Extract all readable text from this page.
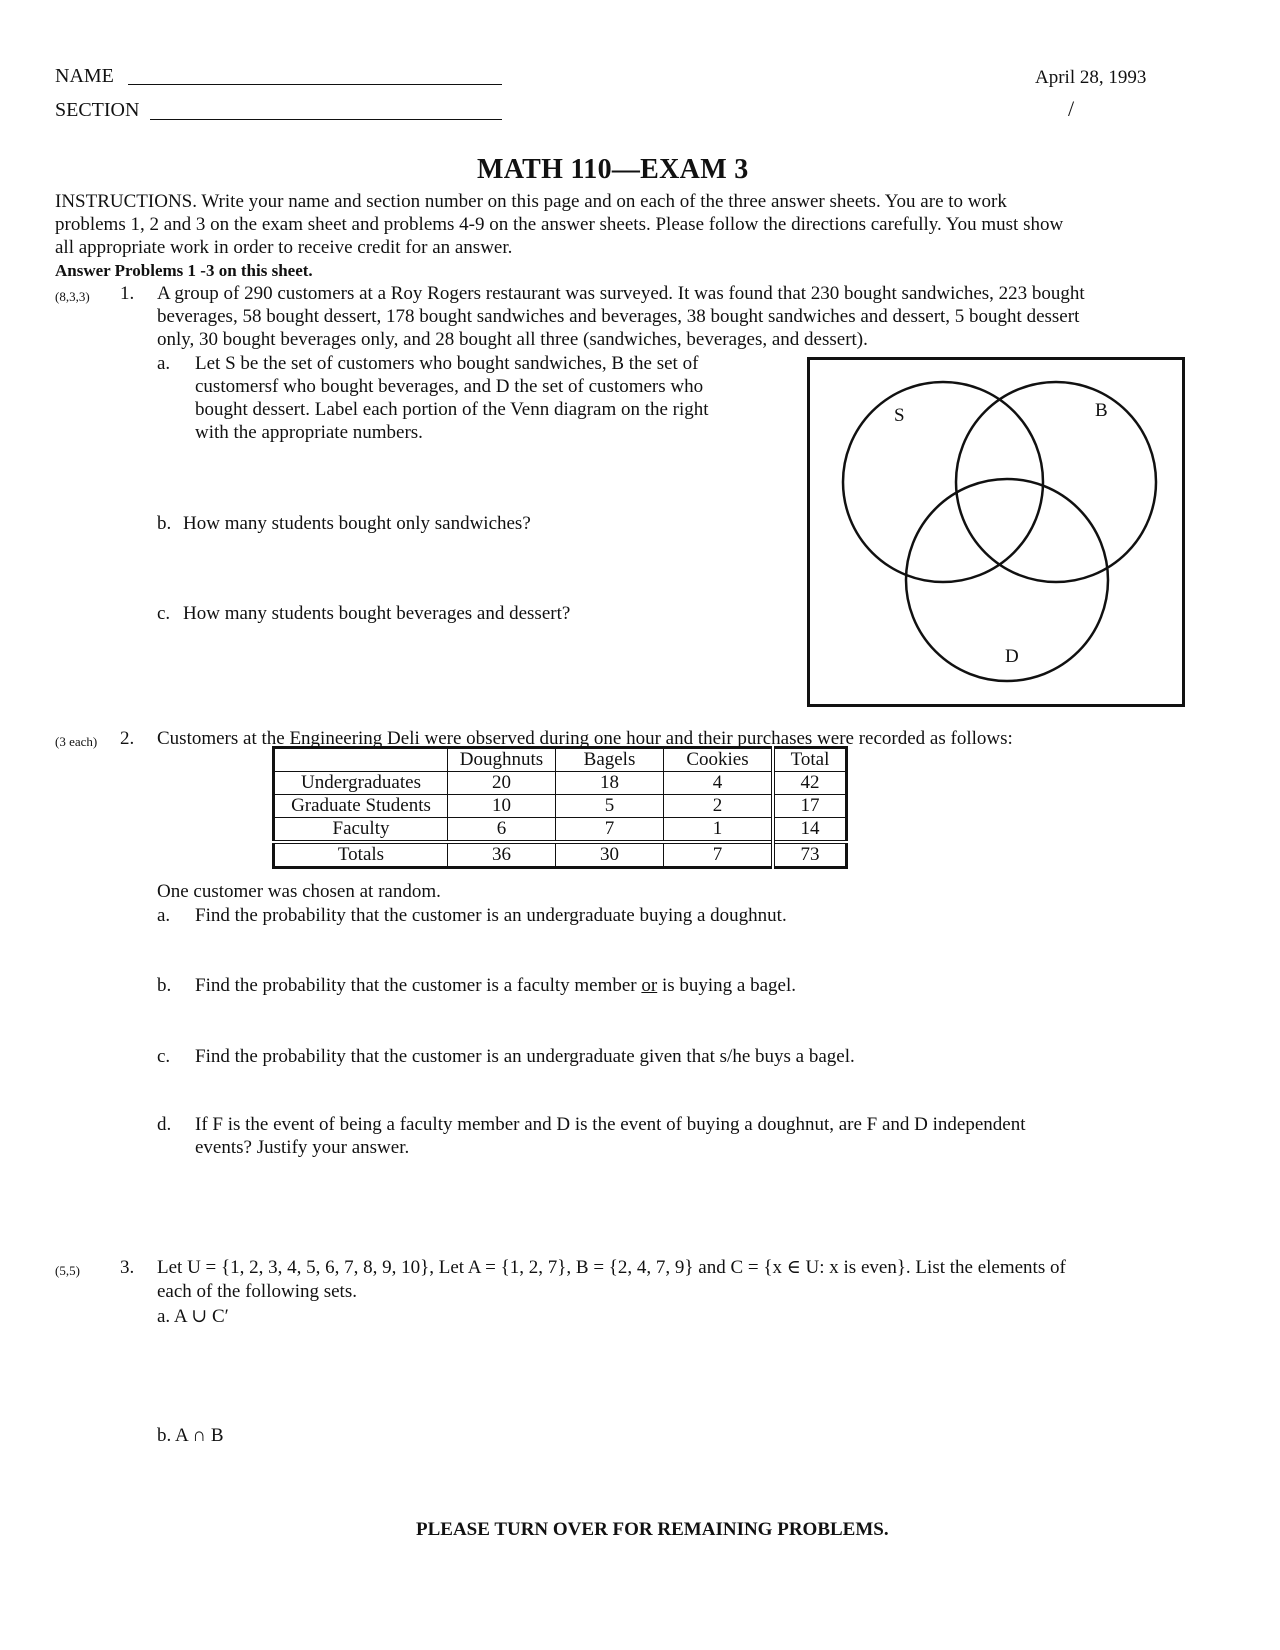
NAME
SECTION
April 28, 1993
/
MATH 110—EXAM 3
INSTRUCTIONS. Write your name and section number on this page and on each of the three answer sheets. You are to work
problems 1, 2 and 3 on the exam sheet and problems 4-9 on the answer sheets. Please follow the directions carefully. You must show
all appropriate work in order to receive credit for an answer.
Answer Problems 1 -3 on this sheet.
(8,3,3) 1. A group of 290 customers at a Roy Rogers restaurant was surveyed. It was found that 230 bought sandwiches, 223 bought
beverages, 58 bought dessert, 178 bought sandwiches and beverages, 38 bought sandwiches and dessert, 5 bought dessert
only, 30 bought beverages only, and 28 bought all three (sandwiches, beverages, and dessert).
a. Let S be the set of customers who bought sandwiches, B the set of
customersf who bought beverages, and D the set of customers who
bought dessert. Label each portion of the Venn diagram on the right
with the appropriate numbers.
b. How many students bought only sandwiches?
c. How many students bought beverages and dessert?
S	B
D
(3 each) 2. Customers at the Engineering Deli were observed during one hour and their purchases were recorded as follows:
	Doughnuts	Bagels	Cookies	Total
Undergraduates	20	18	4	42
Graduate Students	10	5	2	17
Faculty	6	7	1	14
Totals	36	30	7	73
One customer was chosen at random.
a. Find the probability that the customer is an undergraduate buying a doughnut.
b. Find the probability that the customer is a faculty member or is buying a bagel.
c. Find the probability that the customer is an undergraduate given that s/he buys a bagel.
d. If F is the event of being a faculty member and D is the event of buying a doughnut, are F and D independent
events? Justify your answer.
(5,5) 3. Let U = {1, 2, 3, 4, 5, 6, 7, 8, 9, 10}, Let A = {1, 2, 7}, B = {2, 4, 7, 9} and C = {x ∈ U: x is even}. List the elements of
each of the following sets.
a. A ∪ C′
b. A ∩ B
PLEASE TURN OVER FOR REMAINING PROBLEMS.
